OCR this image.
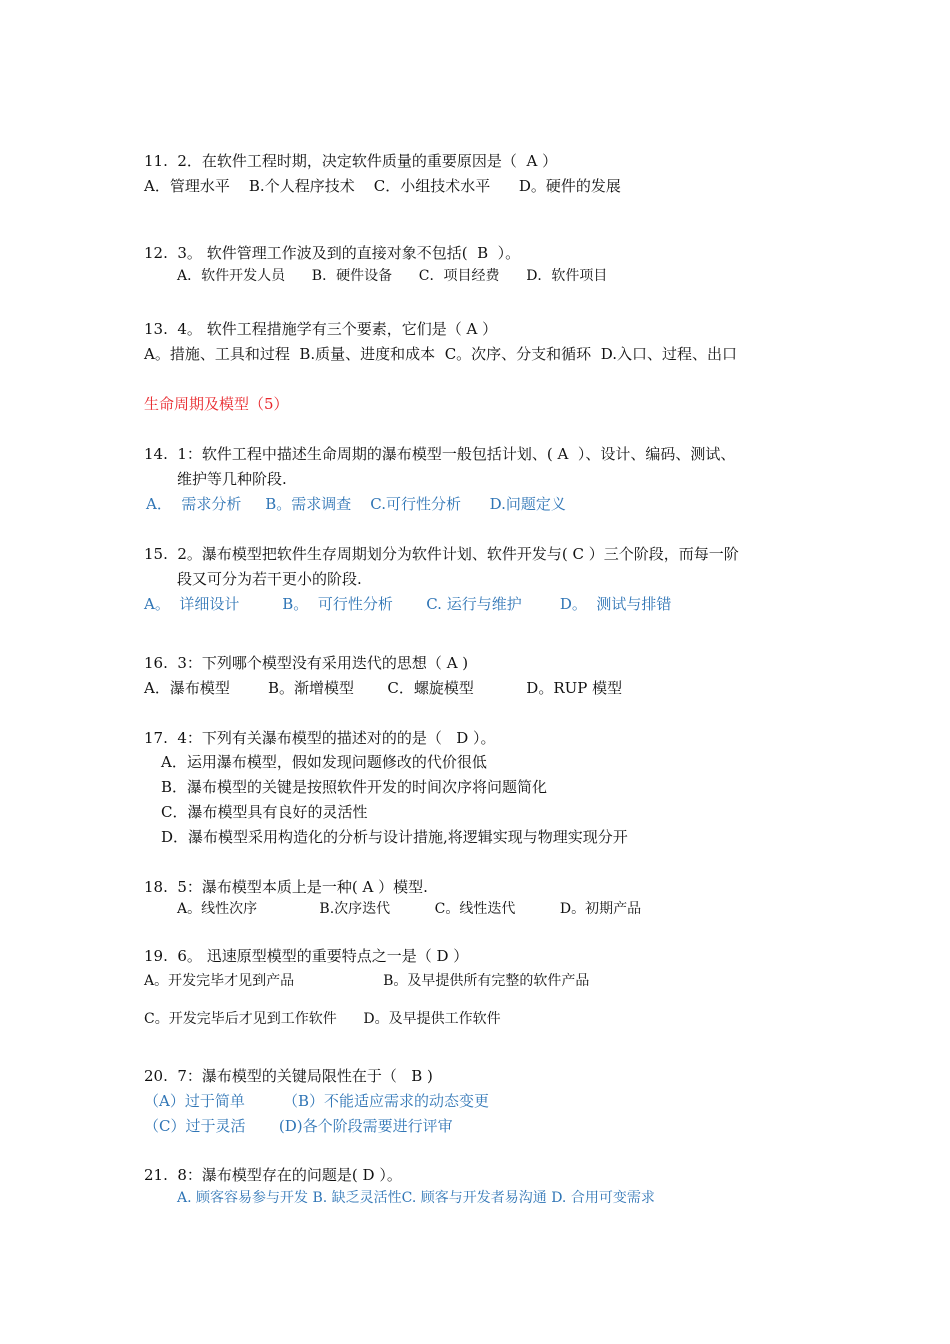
11.  2．在软件工程时期，决定软件质量的重要原因是（  A ）
A．管理水平    B.个人程序技术    C．小组技术水平      D。硬件的发展
12.  3。 软件管理工作波及到的直接对象不包括(  B  ）。
A．软件开发人员      B．硬件设备      C．项目经费      D．软件项目
13.  4。 软件工程措施学有三个要素，它们是（ A ）
A。措施、工具和过程  B.质量、进度和成本  C。次序、分支和循环  D.入口、过程、出口
生命周期及模型（5）
14.  1：软件工程中描述生命周期的瀑布模型一般包括计划、( A  ）、设计、编码、测试、
维护等几种阶段.
A．  需求分析     B。需求调查    C.可行性分析      D.问题定义
15.  2。瀑布模型把软件生存周期划分为软件计划、软件开发与( C ）三个阶段，而每一阶
段又可分为若干更小的阶段.
A。  详细设计         B。  可行性分析       C. 运行与维护        D。  测试与排错
16.  3：下列哪个模型没有采用迭代的思想（ A )
A．瀑布模型        B。渐增模型       C．螺旋模型           D。RUP 模型
17.  4：下列有关瀑布模型的描述对的的是（   D ）。
A．运用瀑布模型，假如发现问题修改的代价很低
B．瀑布模型的关键是按照软件开发的时间次序将问题简化
C．瀑布模型具有良好的灵活性
D．瀑布模型采用构造化的分析与设计措施,将逻辑实现与物理实现分开
18.  5：瀑布模型本质上是一种( A ）模型.
A。线性次序              B.次序迭代          C。线性迭代          D。初期产品
19.  6。 迅速原型模型的重要特点之一是（ D ）
A。开发完毕才见到产品                    B。及早提供所有完整的软件产品
C。开发完毕后才见到工作软件      D。及早提供工作软件
20.  7：瀑布模型的关键局限性在于（   B )
（A）过于简单        （B）不能适应需求的动态变更
（C）过于灵活       (D)各个阶段需要进行评审
21.  8：瀑布模型存在的问题是( D ）。
A. 顾客容易参与开发 B. 缺乏灵活性C. 顾客与开发者易沟通 D. 合用可变需求
